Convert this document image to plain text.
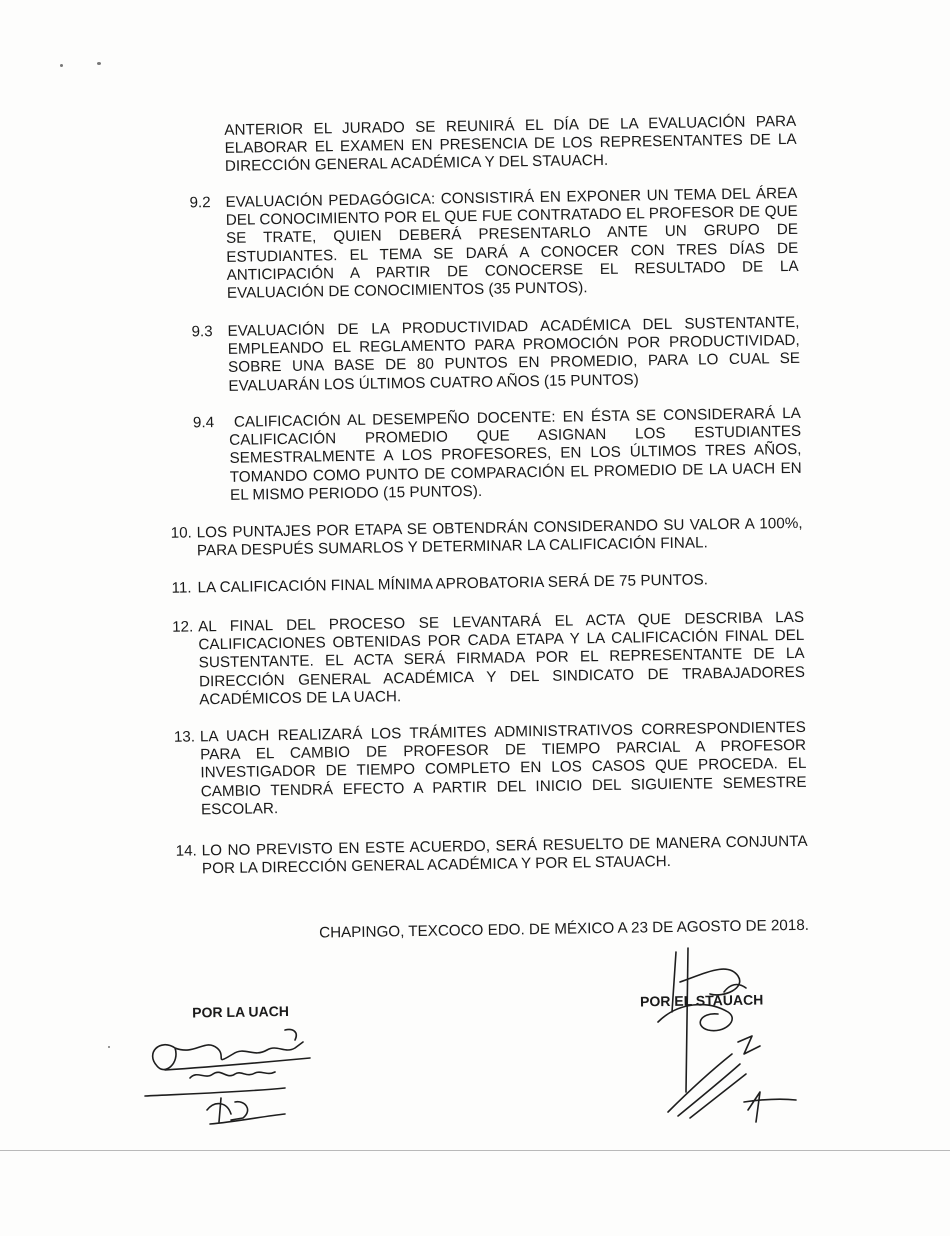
ANTERIOR EL JURADO SE REUNIRÁ EL DÍA DE LA EVALUACIÓN PARA ELABORAR EL EXAMEN EN PRESENCIA DE LOS REPRESENTANTES DE LA DIRECCIÓN GENERAL ACADÉMICA Y DEL STAUACH.
9.2 EVALUACIÓN PEDAGÓGICA: CONSISTIRÁ EN EXPONER UN TEMA DEL ÁREA DEL CONOCIMIENTO POR EL QUE FUE CONTRATADO EL PROFESOR DE QUE SE TRATE, QUIEN DEBERÁ PRESENTARLO ANTE UN GRUPO DE ESTUDIANTES. EL TEMA SE DARÁ A CONOCER CON TRES DÍAS DE ANTICIPACIÓN A PARTIR DE CONOCERSE EL RESULTADO DE LA EVALUACIÓN DE CONOCIMIENTOS (35 PUNTOS).
9.3 EVALUACIÓN DE LA PRODUCTIVIDAD ACADÉMICA DEL SUSTENTANTE, EMPLEANDO EL REGLAMENTO PARA PROMOCIÓN POR PRODUCTIVIDAD, SOBRE UNA BASE DE 80 PUNTOS EN PROMEDIO, PARA LO CUAL SE EVALUARÁN LOS ÚLTIMOS CUATRO AÑOS (15 PUNTOS)
9.4	CALIFICACIÓN AL DESEMPEÑO DOCENTE: EN ÉSTA SE CONSIDERARÁ LA CALIFICACIÓN PROMEDIO QUE ASIGNAN LOS ESTUDIANTES SEMESTRALMENTE A LOS PROFESORES, EN LOS ÚLTIMOS TRES AÑOS, TOMANDO COMO PUNTO DE COMPARACIÓN EL PROMEDIO DE LA UACH EN EL MISMO PERIODO (15 PUNTOS).
10. LOS PUNTAJES POR ETAPA SE OBTENDRÁN CONSIDERANDO SU VALOR A 100%, PARA DESPUÉS SUMARLOS Y DETERMINAR LA CALIFICACIÓN FINAL.
11. LA CALIFICACIÓN FINAL MÍNIMA APROBATORIA SERÁ DE 75 PUNTOS.
12. AL FINAL DEL PROCESO SE LEVANTARÁ EL ACTA QUE DESCRIBA LAS CALIFICACIONES OBTENIDAS POR CADA ETAPA Y LA CALIFICACIÓN FINAL DEL SUSTENTANTE. EL ACTA SERÁ FIRMADA POR EL REPRESENTANTE DE LA DIRECCIÓN GENERAL ACADÉMICA Y DEL SINDICATO DE TRABAJADORES ACADÉMICOS DE LA UACH.
13. LA UACH REALIZARÁ LOS TRÁMITES ADMINISTRATIVOS CORRESPONDIENTES PARA EL CAMBIO DE PROFESOR DE TIEMPO PARCIAL A PROFESOR INVESTIGADOR DE TIEMPO COMPLETO EN LOS CASOS QUE PROCEDA. EL CAMBIO TENDRÁ EFECTO A PARTIR DEL INICIO DEL SIGUIENTE SEMESTRE ESCOLAR.
14. LO NO PREVISTO EN ESTE ACUERDO, SERÁ RESUELTO DE MANERA CONJUNTA POR LA DIRECCIÓN GENERAL ACADÉMICA Y POR EL STAUACH.
CHAPINGO, TEXCOCO EDO. DE MÉXICO A 23 DE AGOSTO DE 2018.
POR LA UACH
POR EL STAUACH
